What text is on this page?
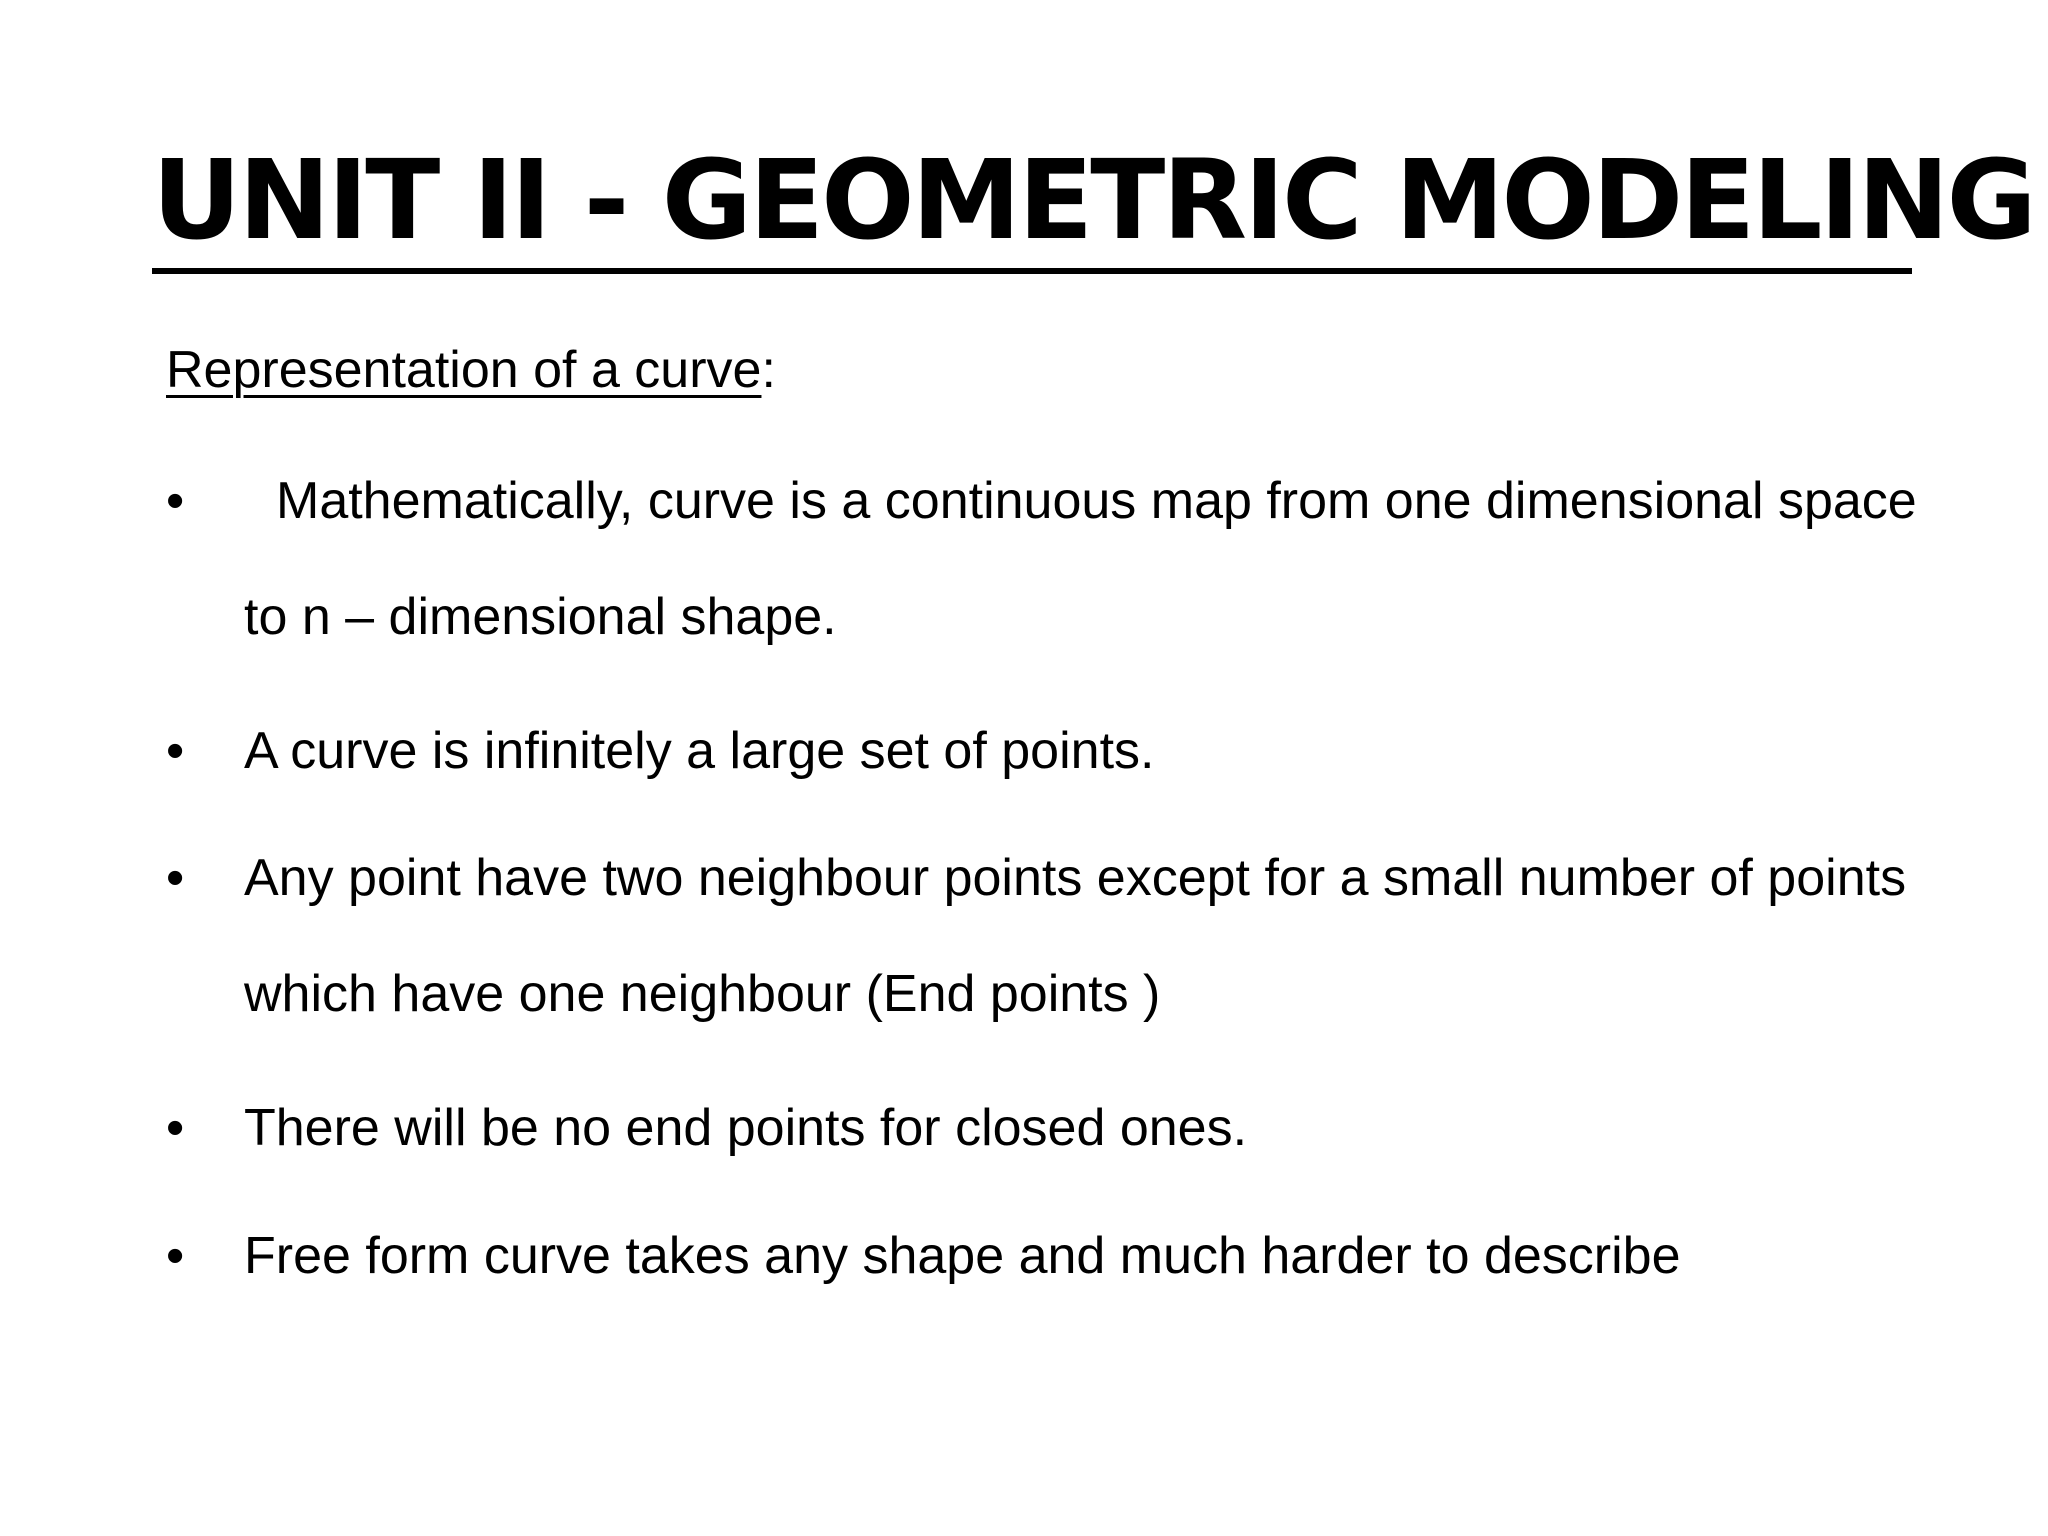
UNIT II - GEOMETRIC MODELING

Representation of a curve:

•	Mathematically, curve is a continuous map from one dimensional space to n – dimensional shape.
•	A curve is infinitely a large set of points.
•	Any point have two neighbour points except for a small number of points which have one neighbour (End points )
•	There will be no end points for closed ones.
•	Free form curve takes any shape and much harder to describe
